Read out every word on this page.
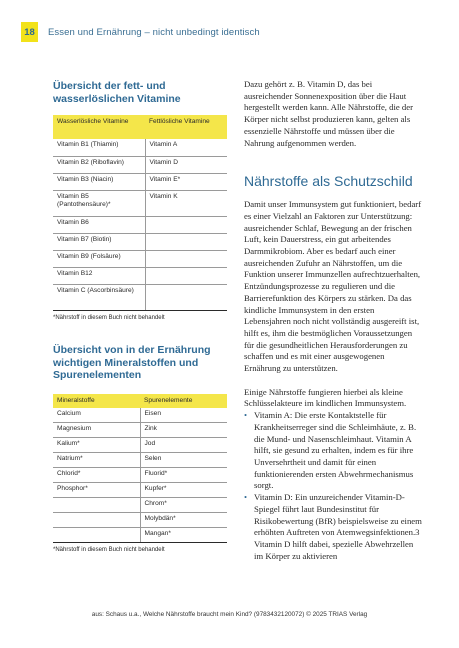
18	Essen und Ernährung – nicht unbedingt identisch

Übersicht der fett- und wasserlöslichen Vitamine

Wasserlösliche Vitamine	Fettlösliche Vitamine
Vitamin B1 (Thiamin)	Vitamin A
Vitamin B2 (Riboflavin)	Vitamin D
Vitamin B3 (Niacin)	Vitamin E*
Vitamin B5 (Pantothensäure)*	Vitamin K
Vitamin B6	
Vitamin B7 (Biotin)	
Vitamin B9 (Folsäure)	
Vitamin B12	
Vitamin C (Ascorbinsäure)	
*Nährstoff in diesem Buch nicht behandelt

Übersicht von in der Ernährung wichtigen Mineralstoffen und Spurenelementen

Mineralstoffe	Spurenelemente
Calcium	Eisen
Magnesium	Zink
Kalium*	Jod
Natrium*	Selen
Chlorid*	Fluorid*
Phosphor*	Kupfer*
	Chrom*
	Molybdän*
	Mangan*
*Nährstoff in diesem Buch nicht behandelt

Dazu gehört z. B. Vitamin D, das bei ausreichender Sonnenexposition über die Haut hergestellt werden kann. Alle Nährstoffe, die der Körper nicht selbst produzieren kann, gelten als essenzielle Nährstoffe und müssen über die Nahrung aufgenommen werden.

Nährstoffe als Schutzschild

Damit unser Immunsystem gut funktioniert, bedarf es einer Vielzahl an Faktoren zur Unterstützung: ausreichender Schlaf, Bewegung an der frischen Luft, kein Dauerstress, ein gut arbeitendes Darmmikrobiom. Aber es bedarf auch einer ausreichenden Zufuhr an Nährstoffen, um die Funktion unserer Immunzellen aufrechtzuerhalten, Entzündungsprozesse zu regulieren und die Barrierefunktion des Körpers zu stärken. Da das kindliche Immunsystem in den ersten Lebensjahren noch nicht vollständig ausgereift ist, hilft es, ihm die bestmöglichen Voraussetzungen für die gesundheitlichen Herausforderungen zu schaffen und es mit einer ausgewogenen Ernährung zu unterstützen.

Einige Nährstoffe fungieren hierbei als kleine Schlüsselakteure im kindlichen Immunsystem.

• Vitamin A: Die erste Kontaktstelle für Krankheitserreger sind die Schleimhäute, z. B. die Mund- und Nasenschleimhaut. Vitamin A hilft, sie gesund zu erhalten, indem es für ihre Unversehrtheit und damit für einen funktionierenden ersten Abwehrmechanismus sorgt.
• Vitamin D: Ein unzureichender Vitamin-D-Spiegel führt laut Bundesinstitut für Risikobewertung (BfR) beispielsweise zu einem erhöhten Auftreten von Atemwegsinfektionen.3 Vitamin D hilft dabei, spezielle Abwehrzellen im Körper zu aktivieren
aus: Schaus u.a., Welche Nährstoffe braucht mein Kind? (9783432120072) © 2025 TRIAS Verlag
